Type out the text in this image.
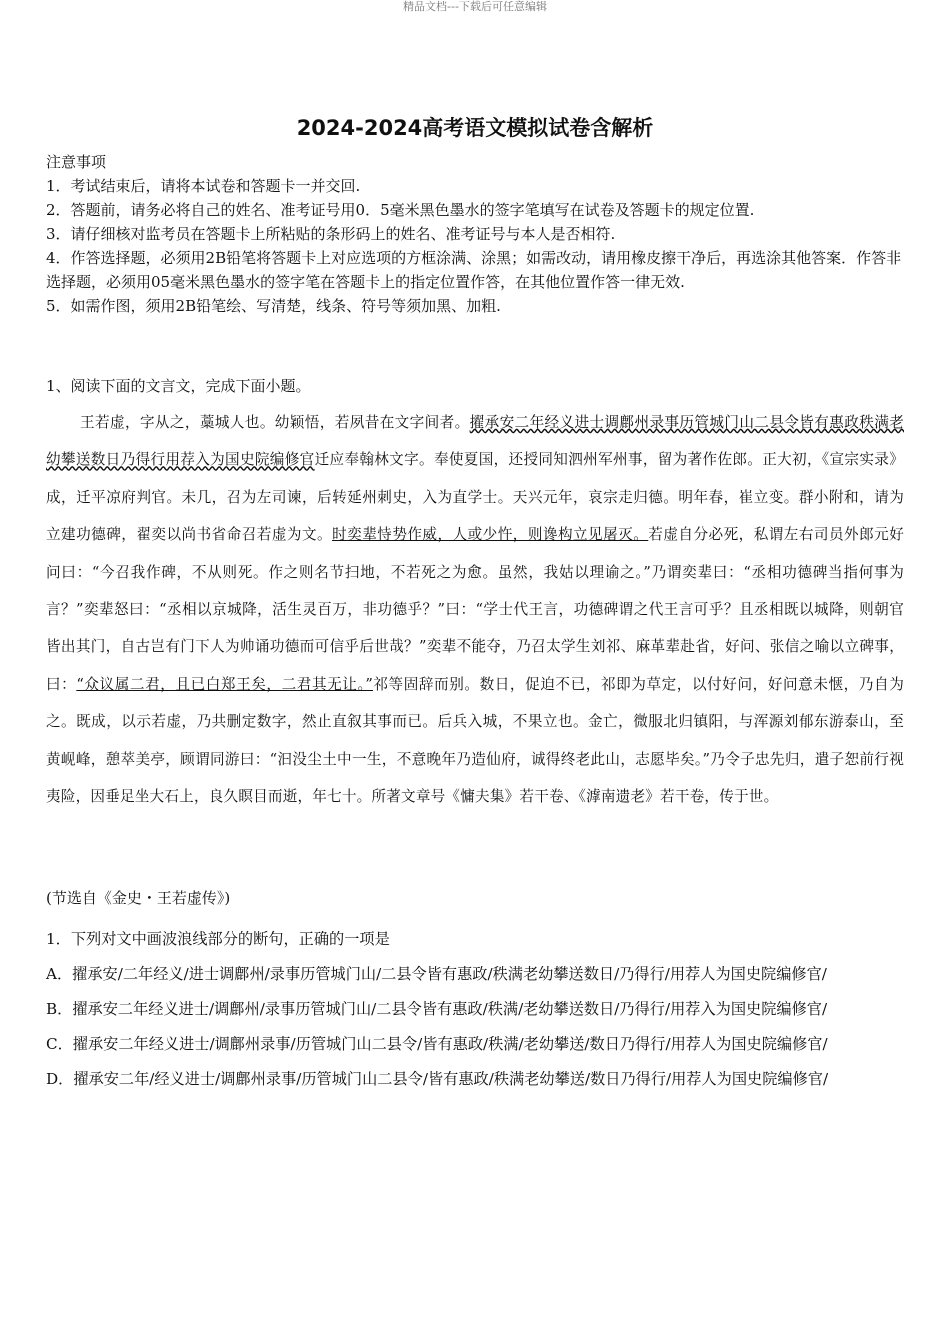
精品文档---下载后可任意编辑
2024-2024高考语文模拟试卷含解析

注意事项

1．考试结束后，请将本试卷和答题卡一并交回.

2．答题前，请务必将自己的姓名、准考证号用0．5毫米黑色墨水的签字笔填写在试卷及答题卡的规定位置.

3．请仔细核对监考员在答题卡上所粘贴的条形码上的姓名、准考证号与本人是否相符.

4．作答选择题，必须用2B铅笔将答题卡上对应选项的方框涂满、涂黑；如需改动，请用橡皮擦干净后，再选涂其他答案．作答非选择题，必须用05毫米黑色墨水的签字笔在答题卡上的指定位置作答，在其他位置作答一律无效.

5．如需作图，须用2B铅笔绘、写清楚，线条、符号等须加黑、加粗.

1、阅读下面的文言文，完成下面小题。
王若虚，字从之，藁城人也。幼颖悟，若夙昔在文字间者。擢承安二年经义进士调鄜州录事历管城门山二县令皆有惠政秩满老幼攀送数日乃得行用荐入为国史院编修官迁应奉翰林文字。奉使夏国，还授同知泗州军州事，留为著作佐郎。正大初，《宣宗实录》成，迁平凉府判官。未几，召为左司谏，后转延州刺史，入为直学士。天兴元年，哀宗走归德。明年春，崔立变。群小附和，请为立建功德碑，翟奕以尚书省命召若虚为文。时奕辈恃势作威，人或少忤，则谗构立见屠灭。若虚自分必死，私谓左右司员外郎元好问曰：“今召我作碑，不从则死。作之则名节扫地，不若死之为愈。虽然，我姑以理谕之。”乃谓奕辈曰：“丞相功德碑当指何事为言？”奕辈怒曰：“丞相以京城降，活生灵百万，非功德乎？”曰：“学士代王言，功德碑谓之代王言可乎？且丞相既以城降，则朝官皆出其门，自古岂有门下人为帅诵功德而可信乎后世哉？”奕辈不能夺，乃召太学生刘祁、麻革辈赴省，好问、张信之喻以立碑事，曰：“众议属二君，且已白郑王矣，二君其无让。”祁等固辞而别。数日，促迫不已，祁即为草定，以付好问，好问意未惬，乃自为之。既成，以示若虚，乃共删定数字，然止直叙其事而已。后兵入城，不果立也。金亡，微服北归镇阳，与浑源刘郁东游泰山，至黄岘峰，憩萃美亭，顾谓同游曰：“汩没尘土中一生，不意晚年乃造仙府，诚得终老此山，志愿毕矣。”乃令子忠先归，遣子恕前行视夷险，因垂足坐大石上，良久瞑目而逝，年七十。所著文章号《慵夫集》若干卷、《滹南遗老》若干卷，传于世。
(节选自《金史・王若虚传》)

1．下列对文中画波浪线部分的断句，正确的一项是

A．擢承安/二年经义/进士调鄜州/录事历管城门山/二县令皆有惠政/秩满老幼攀送数日/乃得行/用荐人为国史院编修官/

B．擢承安二年经义进士/调鄜州/录事历管城门山/二县令皆有惠政/秩满/老幼攀送数日/乃得行/用荐入为国史院编修官/

C．擢承安二年经义进士/调鄜州录事/历管城门山二县令/皆有惠政/秩满/老幼攀送/数日乃得行/用荐人为国史院编修官/

D．擢承安二年/经义进士/调鄜州录事/历管城门山二县令/皆有惠政/秩满老幼攀送/数日乃得行/用荐人为国史院编修官/
